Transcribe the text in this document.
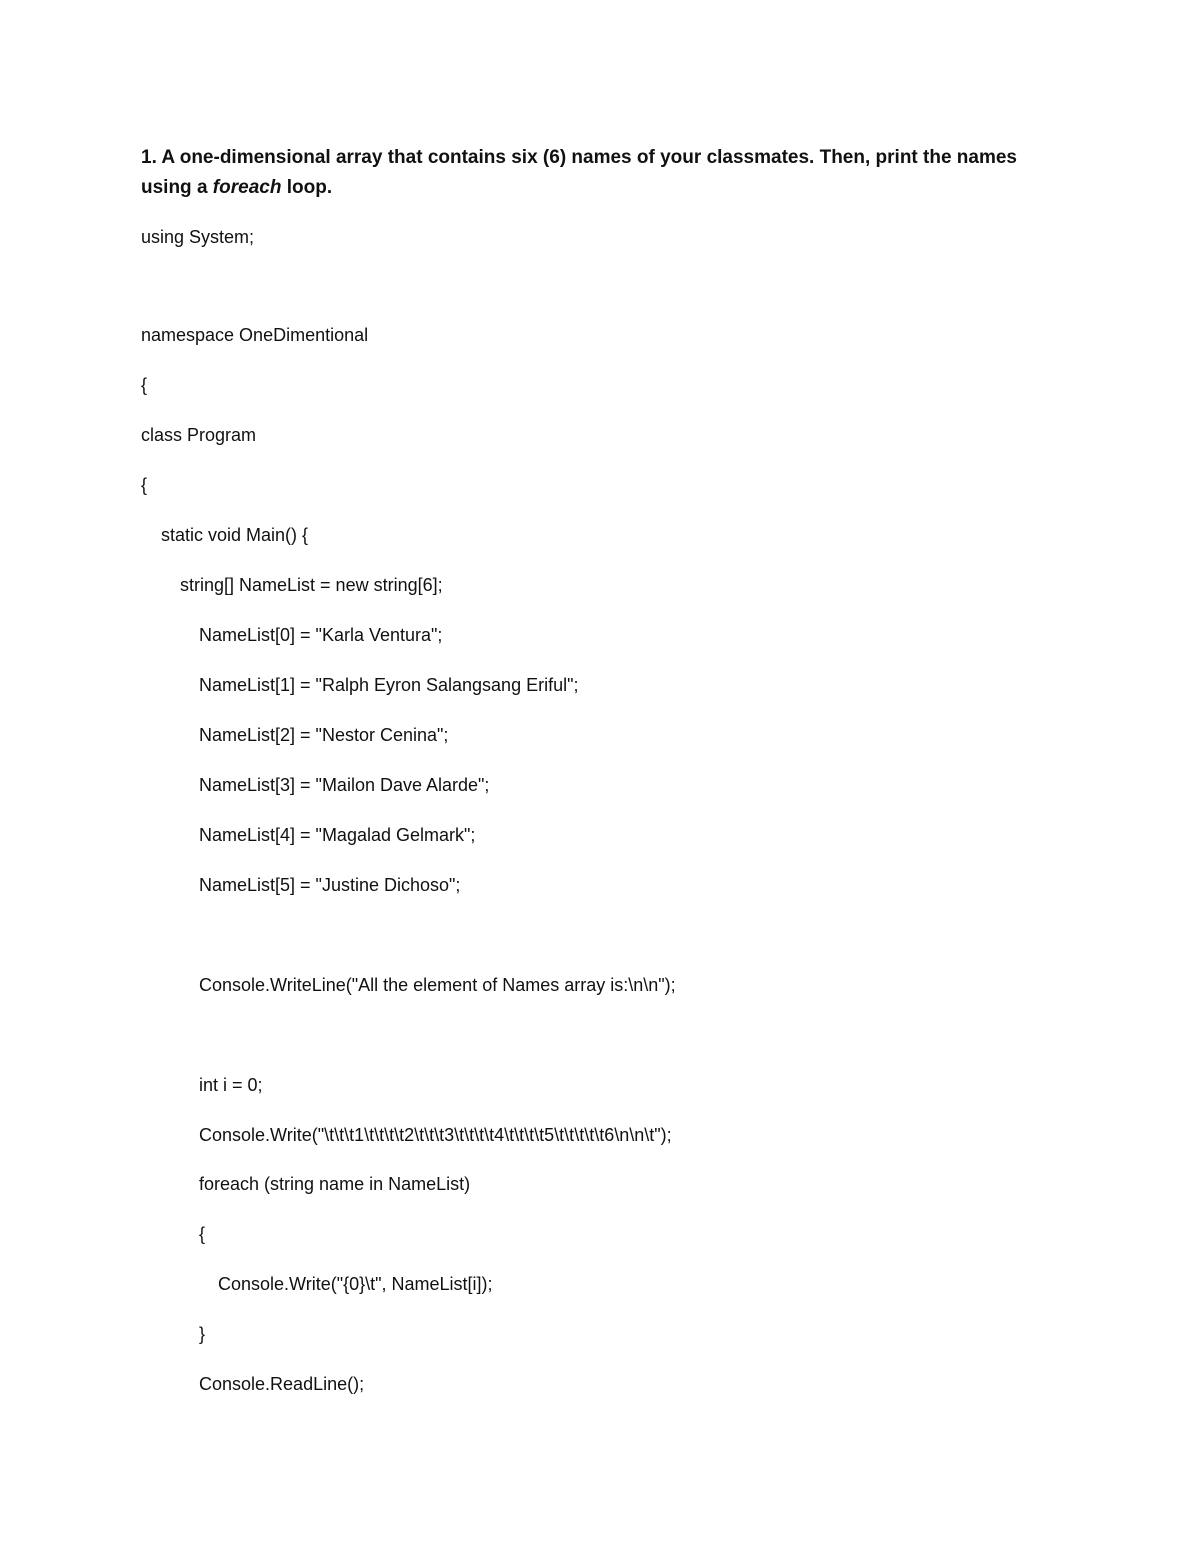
1. A one-dimensional array that contains six (6) names of your classmates. Then, print the names using a foreach loop.

using System;

namespace OneDimentional

{

class Program

{

static void Main() {

string[] NameList = new string[6];

NameList[0] = "Karla Ventura";

NameList[1] = "Ralph Eyron Salangsang Eriful";

NameList[2] = "Nestor Cenina";

NameList[3] = "Mailon Dave Alarde";

NameList[4] = "Magalad Gelmark";

NameList[5] = "Justine Dichoso";

Console.WriteLine("All the element of Names array is:\n\n");

int i = 0;

Console.Write("\t\t\t1\t\t\t\t2\t\t\t3\t\t\t\t4\t\t\t\t5\t\t\t\t\t6\n\n\t");

foreach (string name in NameList)

{

Console.Write("{0}\t", NameList[i]);

}

Console.ReadLine();
